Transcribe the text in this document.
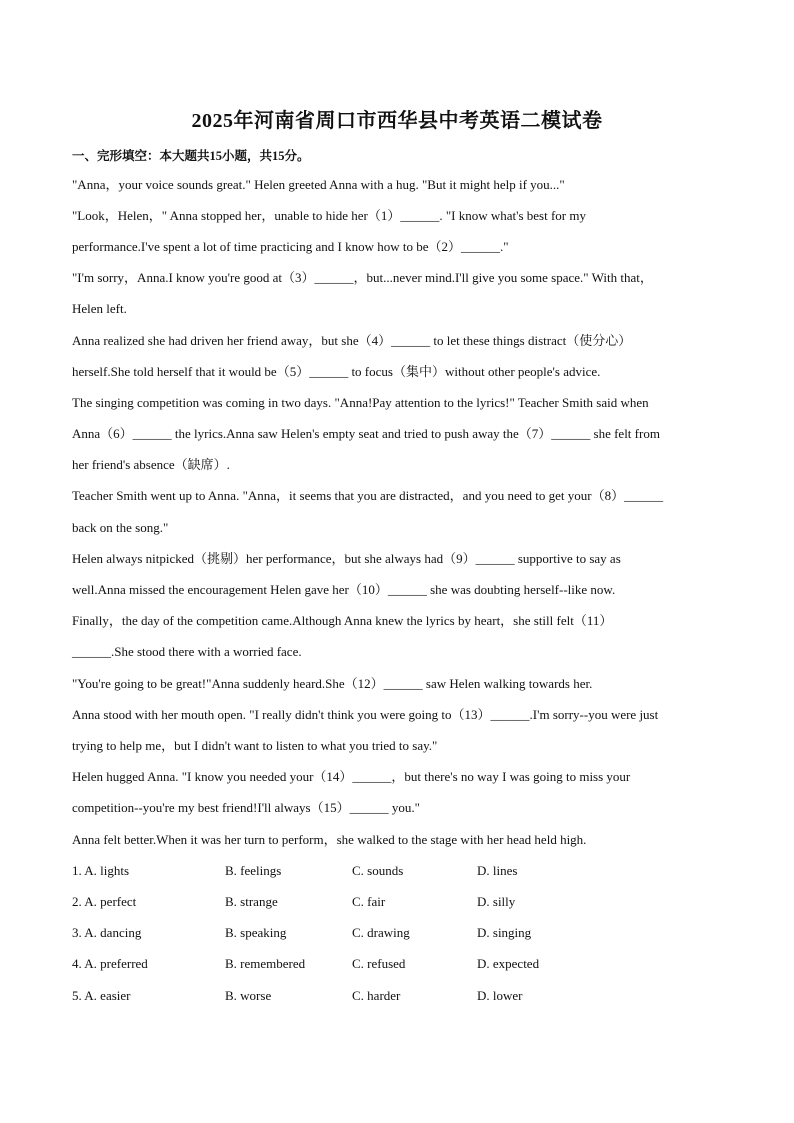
2025年河南省周口市西华县中考英语二模试卷
一、完形填空：本大题共15小题，共15分。
"Anna，your voice sounds great." Helen greeted Anna with a hug. "But it might help if you..."
"Look，Helen，" Anna stopped her，unable to hide her（1）______. "I know what's best for my
performance.I've spent a lot of time practicing and I know how to be（2）______."
"I'm sorry，Anna.I know you're good at（3）______，but...never mind.I'll give you some space." With that，
Helen left.
Anna realized she had driven her friend away，but she（4）______ to let these things distract（使分心）
herself.She told herself that it would be（5）______ to focus（集中）without other people's advice.
The singing competition was coming in two days. "Anna!Pay attention to the lyrics!" Teacher Smith said when
Anna（6）______ the lyrics.Anna saw Helen's empty seat and tried to push away the（7）______ she felt from
her friend's absence（缺席）.
Teacher Smith went up to Anna. "Anna，it seems that you are distracted，and you need to get your（8）______
back on the song."
Helen always nitpicked（挑剔）her performance，but she always had（9）______ supportive to say as
well.Anna missed the encouragement Helen gave her（10）______ she was doubting herself--like now.
Finally，the day of the competition came.Although Anna knew the lyrics by heart，she still felt（11）
______.She stood there with a worried face.
"You're going to be great!"Anna suddenly heard.She（12）______ saw Helen walking towards her.
Anna stood with her mouth open. "I really didn't think you were going to（13）______.I'm sorry--you were just
trying to help me，but I didn't want to listen to what you tried to say."
Helen hugged Anna. "I know you needed your（14）______，but there's no way I was going to miss your
competition--you're my best friend!I'll always（15）______ you."
Anna felt better.When it was her turn to perform，she walked to the stage with her head held high.
1. A. lights	B. feelings	C. sounds	D. lines
2. A. perfect	B. strange	C. fair	D. silly
3. A. dancing	B. speaking	C. drawing	D. singing
4. A. preferred	B. remembered	C. refused	D. expected
5. A. easier	B. worse	C. harder	D. lower
